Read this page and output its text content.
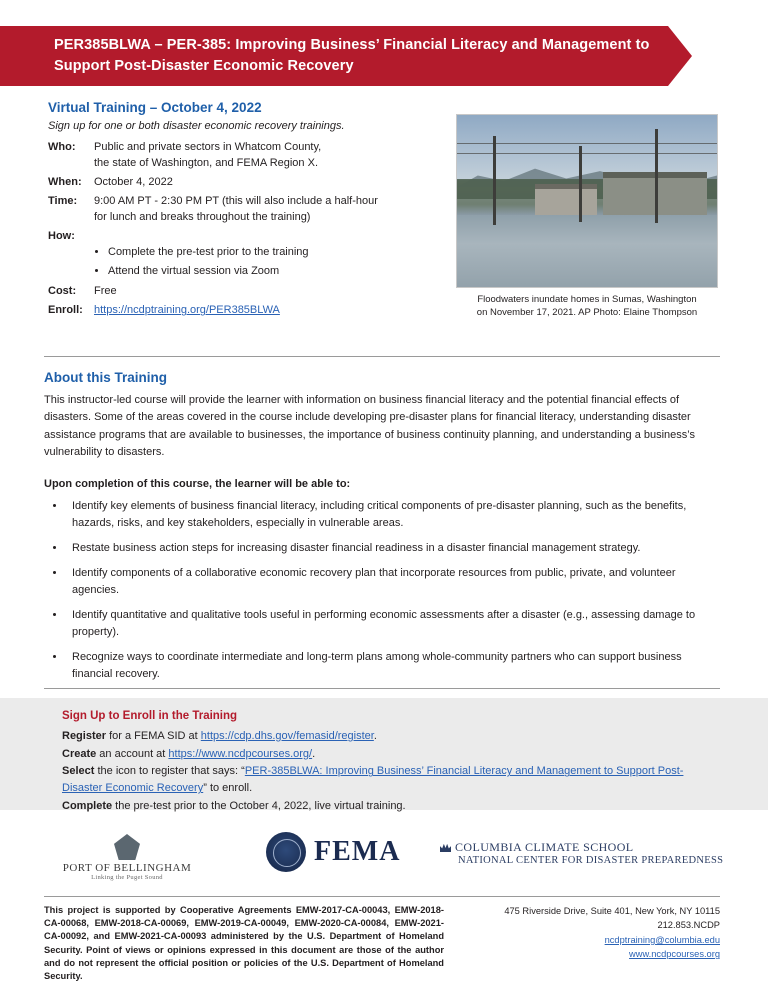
PER385BLWA – PER-385: Improving Business’ Financial Literacy and Management to Support Post-Disaster Economic Recovery
Virtual Training – October 4, 2022
Sign up for one or both disaster economic recovery trainings.
Who:	Public and private sectors in Whatcom County,
the state of Washington, and FEMA Region X.
When:	October 4, 2022
Time:	9:00 AM PT - 2:30 PM PT (this will also include a half-hour
for lunch and breaks throughout the training)
How:
• Complete the pre-test prior to the training
• Attend the virtual session via Zoom
Cost:	Free
Enroll:	https://ncdptraining.org/PER385BLWA
Floodwaters inundate homes in Sumas, Washington
on November 17, 2021. AP Photo: Elaine Thompson
About this Training

This instructor-led course will provide the learner with information on business financial literacy and the potential financial effects of disasters. Some of the areas covered in the course include developing pre-disaster plans for financial literacy, understanding disaster assistance programs that are available to businesses, the importance of business continuity planning, and understanding a business’s vulnerability to disasters.

Upon completion of this course, the learner will be able to:

• Identify key elements of business financial literacy, including critical components of pre-disaster planning, such as the benefits, hazards, risks, and key stakeholders, especially in vulnerable areas.
• Restate business action steps for increasing disaster financial readiness in a disaster financial management strategy.
• Identify components of a collaborative economic recovery plan that incorporate resources from public, private, and volunteer agencies.
• Identify quantitative and qualitative tools useful in performing economic assessments after a disaster (e.g., assessing damage to property).
• Recognize ways to coordinate intermediate and long-term plans among whole-community partners who can support business financial recovery.
Sign Up to Enroll in the Training
Register for a FEMA SID at https://cdp.dhs.gov/femasid/register.
Create an account at https://www.ncdpcourses.org/.
Select the icon to register that says: “PER-385BLWA: Improving Business’ Financial Literacy and Management to Support Post-Disaster Economic Recovery” to enroll.
Complete the pre-test prior to the October 4, 2022, live virtual training.
PORT OF BELLINGHAM
Linking the Puget Sound
FEMA	COLUMBIA CLIMATE SCHOOL
NATIONAL CENTER FOR DISASTER PREPAREDNESS
This project is supported by Cooperative Agreements EMW-2017-CA-00043, EMW-2018-CA-00068, EMW-2018-CA-00069, EMW-2019-CA-00049, EMW-2020-CA-00084, EMW-2021-CA-00092, and EMW-2021-CA-00093 administered by the U.S. Department of Homeland Security. Point of views or opinions expressed in this document are those of the author and do not represent the official position or policies of the U.S. Department of Homeland Security.
475 Riverside Drive, Suite 401, New York, NY 10115
212.853.NCDP

ncdptraining@columbia.edu
www.ncdpcourses.org
